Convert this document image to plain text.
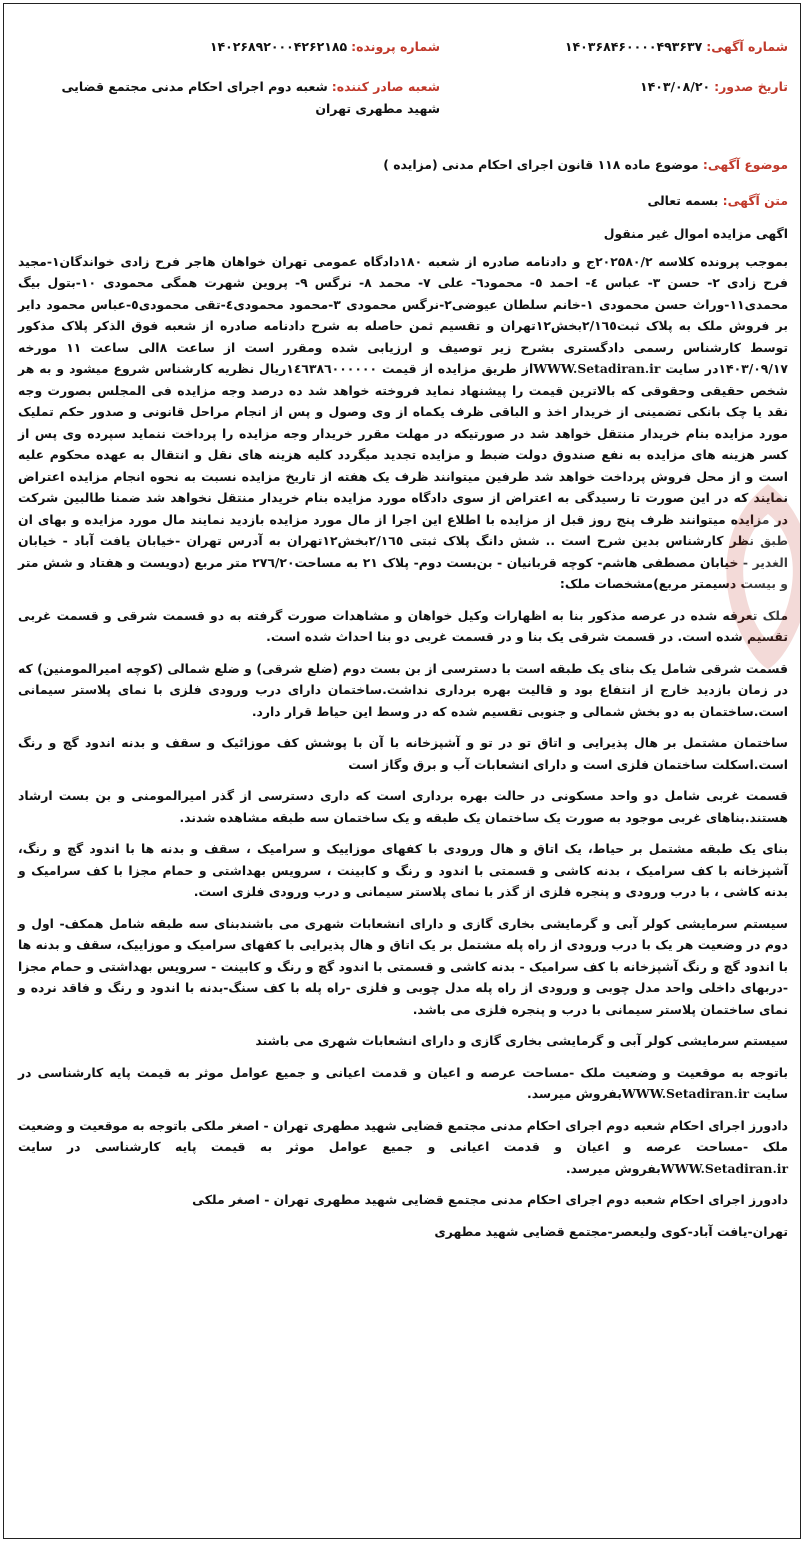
شماره آگهی: ۱۴۰۳۶۸۴۶۰۰۰۰۴۹۳۶۳۷
شماره پرونده: ۱۴۰۲۶۸۹۲۰۰۰۴۲۶۲۱۸۵
تاریخ صدور: ۱۴۰۳/۰۸/۲۰
شعبه صادر کننده: شعبه دوم اجرای احکام مدنی مجتمع قضایی شهید مطهری تهران
موضوع آگهی: موضوع ماده ۱۱۸ قانون اجرای احکام مدنی (مزایده )
متن آگهی: بسمه تعالی

اگهی مزایده اموال غیر منقول

بموجب پرونده کلاسه ۲۰۲۵۸۰/۲ج و دادنامه صادره از شعبه ۱۸۰دادگاه عمومی تهران خواهان هاجر فرح زادی خواندگان۱-مجید فرح زادی ۲- حسن ۳- عباس ٤- احمد ٥- محمود٦- علی ۷- محمد ۸- نرگس ۹- پروین شهرت همگی محمودی ۱۰-بتول بیگ محمدی۱۱-وراث حسن محمودی ۱-خانم سلطان عیوضی۲-نرگس محمودی ۳-محمود محمودی٤-تقی محمودی٥-عباس محمود دایر بر فروش ملک به پلاک ثبت۲/۱٦٥بخش۱۲تهران و تقسیم ثمن حاصله به شرح دادنامه صادره از شعبه فوق الذکر پلاک مذکور توسط کارشناس رسمی دادگستری بشرح زیر توصیف و ارزیابی شده ومقرر است از ساعت ۸الی ساعت ۱۱ مورخه ۱۴۰۳/۰۹/۱۷در سایت WWW.Setadiran.irاز طریق مزایده از قیمت ۱٤٦۳۸٦۰۰۰۰۰۰ریال نظریه کارشناس شروع میشود و به هر شخص حقیقی وحقوقی که بالاترین قیمت را پیشنهاد نماید فروخته خواهد شد ده درصد وجه مزایده فی المجلس بصورت وجه نقد یا چک بانکی تضمینی از خریدار اخذ و الباقی ظرف یکماه از وی وصول و پس از انجام مراحل قانونی و صدور حکم تملیک مورد مزایده بنام خریدار منتقل خواهد شد در صورتیکه در مهلت مقرر خریدار وجه مزایده را پرداخت ننماید سپرده وی پس از کسر هزینه های مزایده به نفع صندوق دولت ضبط و مزایده تجدید میگردد کلیه هزینه های نقل و انتقال به عهده محکوم علیه است و از محل فروش پرداخت خواهد شد طرفین میتوانند ظرف یک هفته از تاریخ مزایده نسبت به نحوه انجام مزایده اعتراض نمایند که در این صورت تا رسیدگی به اعتراض از سوی دادگاه مورد مزایده بنام خریدار منتقل نخواهد شد ضمنا طالبین شرکت در مزایده میتوانند ظرف پنج روز قبل از مزایده با اطلاع این اجرا از مال مورد مزایده بازدید نمایند مال مورد مزایده و بهای ان طبق نظر کارشناس بدین شرح است .. شش دانگ پلاک ثبتی ۲/۱٦٥بخش۱۲تهران به آدرس تهران -خیابان یافت آباد - خیابان الغدیر - خیابان مصطفی هاشم- کوچه قربانیان - بن‌بست دوم- پلاک ۲۱ به مساحت۲۷٦/۲۰ متر مربع (دویست و هفتاد و شش متر و بیست دسیمتر مربع)مشخصات ملک:

ملک تعرفه شده در عرصه مذکور بنا به اظهارات وکیل خواهان و مشاهدات صورت گرفته به دو قسمت شرقی و قسمت غربی تقسیم شده است. در قسمت شرقی یک بنا و در قسمت غربی دو بنا احداث شده است.

قسمت شرقی شامل یک بنای یک طبقه است با دسترسی از بن بست دوم (ضلع شرقی) و ضلع شمالی (کوچه امیرالمومنین) که در زمان بازدید خارج از انتفاع بود و قالیت بهره برداری نداشت.ساختمان دارای درب ورودی فلزی با نمای پلاستر سیمانی است.ساختمان به دو بخش شمالی و جنوبی تقسیم شده که در وسط این حیاط قرار دارد.

ساختمان مشتمل بر هال پذیرایی و اتاق تو در تو و آشپزخانه با آن با پوشش کف موزائیک و سقف و بدنه اندود گچ و رنگ است.اسکلت ساختمان فلزی است و دارای انشعابات آب و برق وگاز است

قسمت غربی شامل دو واحد مسکونی در حالت بهره برداری است که داری دسترسی از گذر امیرالمومنی و بن بست ارشاد هستند.بناهای غربی موجود به صورت یک ساختمان یک طبقه و یک ساختمان سه طبقه مشاهده شدند.

بنای یک طبقه مشتمل بر حیاط، یک اتاق و هال ورودی با کفهای موزاییک و سرامیک ، سقف و بدنه ها با اندود گچ و رنگ، آشپزخانه با کف سرامیک ، بدنه کاشی و قسمتی با اندود و رنگ و کابینت ، سرویس بهداشتی و حمام مجزا با کف سرامیک و بدنه کاشی ، با درب ورودی و پنجره فلزی از گذر با نمای پلاستر سیمانی و درب ورودی فلزی است.

سیستم سرمایشی کولر آبی و گرمایشی بخاری گازی و دارای انشعابات شهری می باشندبنای سه طبقه شامل همکف- اول و دوم در وضعیت هر یک با درب ورودی از راه پله مشتمل بر یک اتاق و هال پذیرایی با کفهای سرامیک و موزاییک، سقف و بدنه ها با اندود گچ و رنگ آشپزخانه با کف سرامیک - بدنه کاشی و قسمتی با اندود گچ و رنگ و کابینت - سرویس بهداشتی و حمام مجزا -دربهای داخلی واحد مدل چوبی و ورودی از راه پله مدل چوبی و فلزی -راه پله با کف سنگ-بدنه با اندود و رنگ و فاقد نرده و نمای ساختمان پلاستر سیمانی با درب و پنجره فلزی می باشد.

سیستم سرمایشی کولر آبی و گرمایشی بخاری گازی و دارای انشعابات شهری می باشند

باتوجه به موقعیت و وضعیت ملک -مساحت عرصه و اعیان و قدمت اعیانی و جمیع عوامل موثر به قیمت پایه کارشناسی در سایت WWW.Setadiran.irبفروش میرسد.

دادورز اجرای احکام شعبه دوم اجرای احکام مدنی مجتمع قضایی شهید مطهری تهران - اصغر ملکی باتوجه به موقعیت و وضعیت ملک -مساحت عرصه و اعیان و قدمت اعیانی و جمیع عوامل موثر به قیمت پایه کارشناسی در سایت WWW.Setadiran.irبفروش میرسد.

دادورز اجرای احکام شعبه دوم اجرای احکام مدنی مجتمع قضایی شهید مطهری تهران - اصغر ملکی

تهران-یافت آباد-کوی ولیعصر-مجتمع قضایی شهید مطهری
